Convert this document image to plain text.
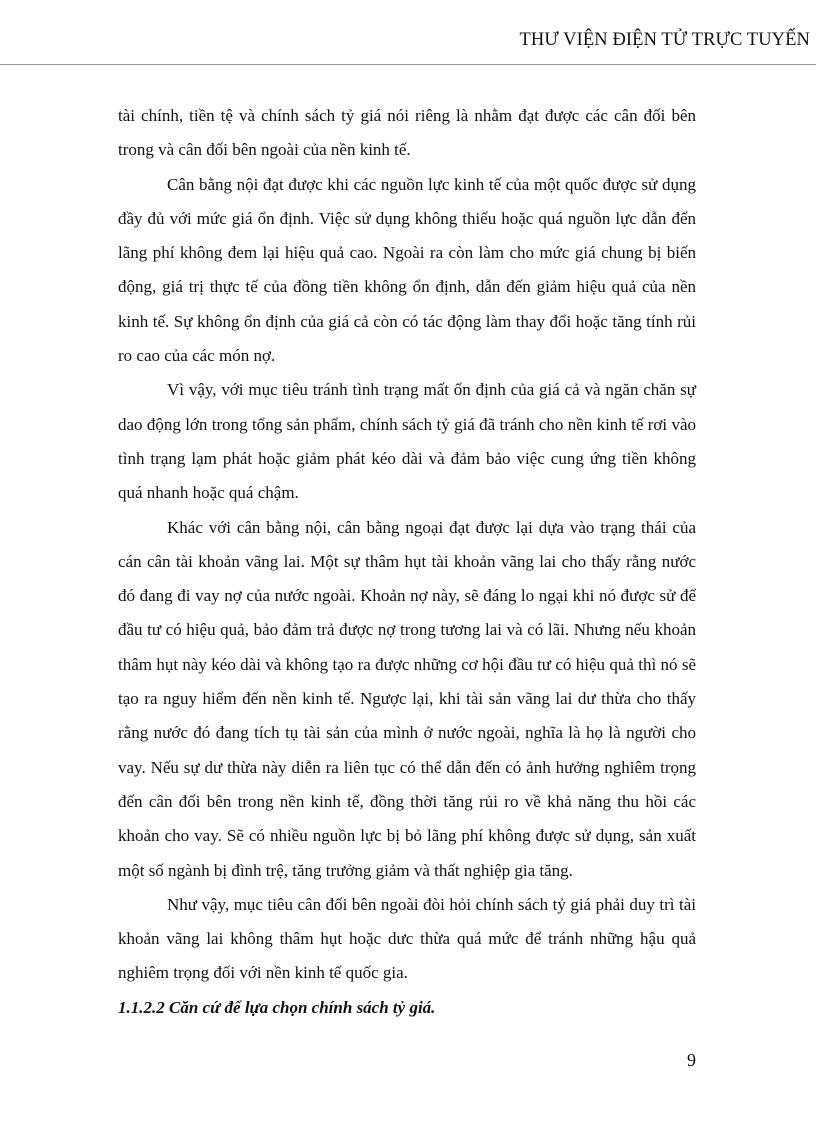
THƯ VIỆN ĐIỆN TỬ TRỰC TUYẾN

tài chính, tiền tệ và chính sách tỷ giá nói riêng là nhằm đạt được các cân đối bên trong và cân đối bên ngoài của nền kinh tế.

Cân bằng nội đạt được khi các nguồn lực kinh tế của một quốc được sử dụng đầy đủ với mức giá ổn định. Việc sử dụng không thiếu hoặc quá nguồn lực dẫn đến lãng phí không đem lại hiệu quả cao. Ngoài ra còn làm cho mức giá chung bị biến động, giá trị thực tế của đồng tiền không ổn định, dẫn đến giảm hiệu quả của nền kinh tế. Sự không ổn định của giá cả còn có tác động làm thay đổi hoặc tăng tính rủi ro cao của các món nợ.

Vì vậy, với mục tiêu tránh tình trạng mất ổn định của giá cả và ngăn chăn sự dao động lớn trong tổng sản phẩm, chính sách tỷ giá đã tránh cho nền kinh tế rơi vào tình trạng lạm phát hoặc giảm phát kéo dài và đảm bảo việc cung ứng tiền không quá nhanh hoặc quá chậm.

Khác với cân bằng nội, cân bằng ngoại đạt được lại dựa vào trạng thái của cán cân tài khoản vãng lai. Một sự thâm hụt tài khoản vãng lai cho thấy rằng nước đó đang đi vay nợ của nước ngoài. Khoản nợ này, sẽ đáng lo ngại khi nó được sử để đầu tư có hiệu quả, bảo đảm trả được nợ trong tương lai và có lãi. Nhưng nếu khoản thâm hụt này kéo dài và không tạo ra được những cơ hội đầu tư có hiệu quả thì nó sẽ tạo ra nguy hiểm đến nền kinh tế. Ngược lại, khi tài sản vãng lai dư thừa cho thấy rằng nước đó đang tích tụ tài sản của mình ở nước ngoài, nghĩa là họ là người cho vay. Nếu sự dư thừa này diễn ra liên tục có thể dẫn đến có ảnh hưởng nghiêm trọng đến cân đối bên trong nền kinh tế, đồng thời tăng rủi ro về khả năng thu hồi các khoản cho vay. Sẽ có nhiều nguồn lực bị bỏ lãng phí không được sử dụng, sản xuất một số ngành bị đình trệ, tăng trưởng giảm và thất nghiệp gia tăng.

Như vậy, mục tiêu cân đối bên ngoài đòi hỏi chính sách tỷ giá phải duy trì tài khoản vãng lai không thâm hụt hoặc dưc thừa quá mức để tránh những hậu quả nghiêm trọng đối với nền kinh tế quốc gia.

1.1.2.2 Căn cứ để lựa chọn chính sách tỷ giá.

9
